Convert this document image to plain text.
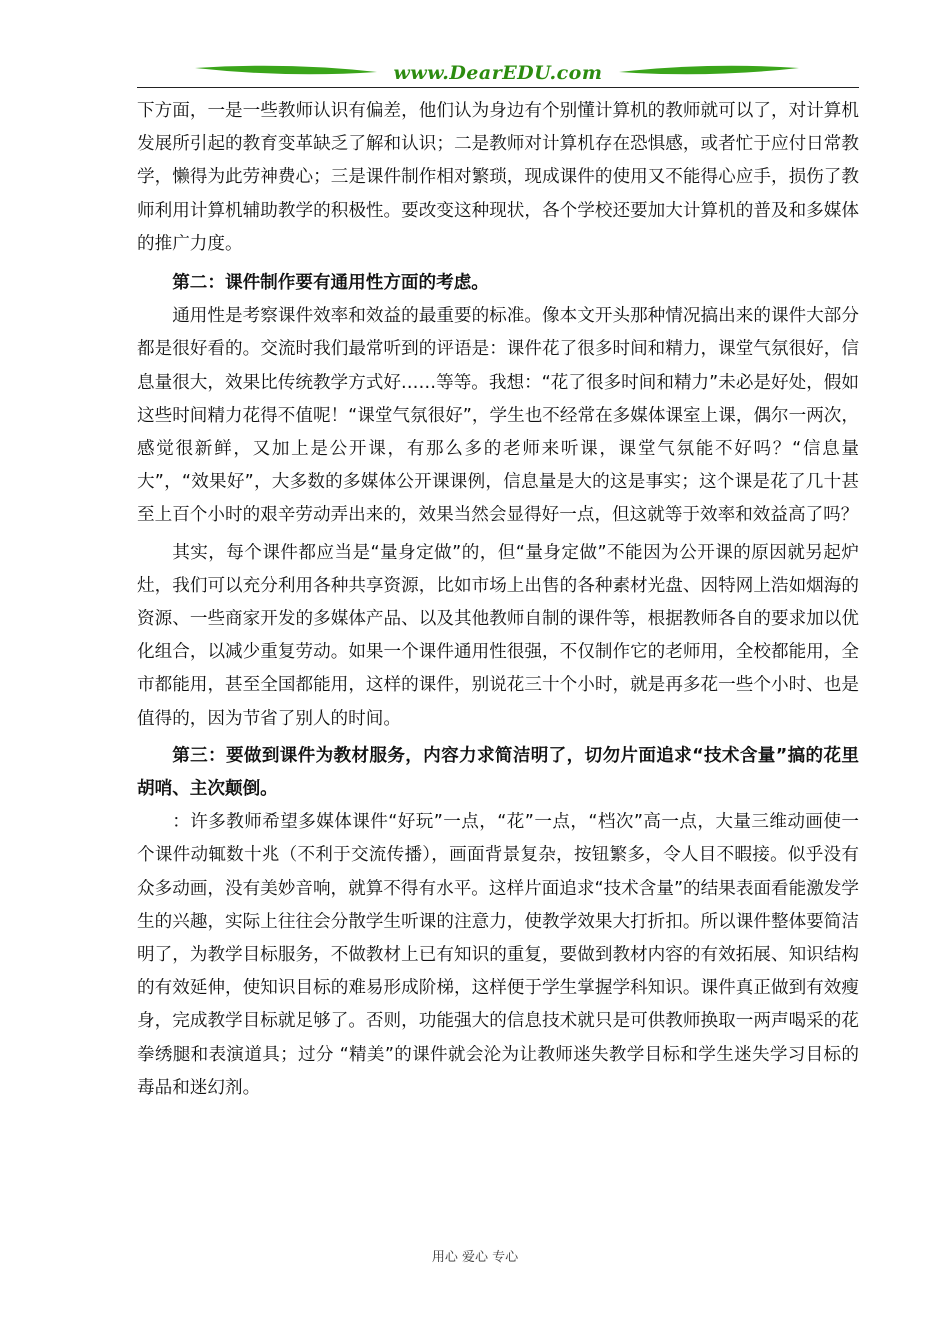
www.DearEDU.com

下方面，一是一些教师认识有偏差，他们认为身边有个别懂计算机的教师就可以了，对计算机发展所引起的教育变革缺乏了解和认识；二是教师对计算机存在恐惧感，或者忙于应付日常教学，懒得为此劳神费心；三是课件制作相对繁琐，现成课件的使用又不能得心应手，损伤了教师利用计算机辅助教学的积极性。要改变这种现状，各个学校还要加大计算机的普及和多媒体的推广力度。

第二：课件制作要有通用性方面的考虑。

通用性是考察课件效率和效益的最重要的标准。像本文开头那种情况搞出来的课件大部分都是很好看的。交流时我们最常听到的评语是：课件花了很多时间和精力，课堂气氛很好，信息量很大，效果比传统教学方式好……等等。我想：“花了很多时间和精力”未必是好处，假如这些时间精力花得不值呢！“课堂气氛很好”，学生也不经常在多媒体课室上课，偶尔一两次，感觉很新鲜，又加上是公开课，有那么多的老师来听课，课堂气氛能不好吗？“信息量大”，“效果好”，大多数的多媒体公开课课例，信息量是大的这是事实；这个课是花了几十甚至上百个小时的艰辛劳动弄出来的，效果当然会显得好一点，但这就等于效率和效益高了吗？

其实，每个课件都应当是“量身定做”的，但“量身定做”不能因为公开课的原因就另起炉灶，我们可以充分利用各种共享资源，比如市场上出售的各种素材光盘、因特网上浩如烟海的资源、一些商家开发的多媒体产品、以及其他教师自制的课件等，根据教师各自的要求加以优化组合，以减少重复劳动。如果一个课件通用性很强，不仅制作它的老师用，全校都能用，全市都能用，甚至全国都能用，这样的课件，别说花三十个小时，就是再多花一些个小时、也是值得的，因为节省了别人的时间。

第三：要做到课件为教材服务，内容力求简洁明了，切勿片面追求“技术含量”搞的花里胡哨、主次颠倒。

：许多教师希望多媒体课件“好玩”一点，“花”一点，“档次”高一点，大量三维动画使一个课件动辄数十兆（不利于交流传播），画面背景复杂，按钮繁多，令人目不暇接。似乎没有众多动画，没有美妙音响，就算不得有水平。这样片面追求“技术含量”的结果表面看能激发学生的兴趣，实际上往往会分散学生听课的注意力，使教学效果大打折扣。所以课件整体要简洁明了，为教学目标服务，不做教材上已有知识的重复，要做到教材内容的有效拓展、知识结构的有效延伸，使知识目标的难易形成阶梯，这样便于学生掌握学科知识。课件真正做到有效瘦身，完成教学目标就足够了。否则，功能强大的信息技术就只是可供教师换取一两声喝采的花拳绣腿和表演道具；过分 “精美”的课件就会沦为让教师迷失教学目标和学生迷失学习目标的毒品和迷幻剂。

用心 爱心 专心
